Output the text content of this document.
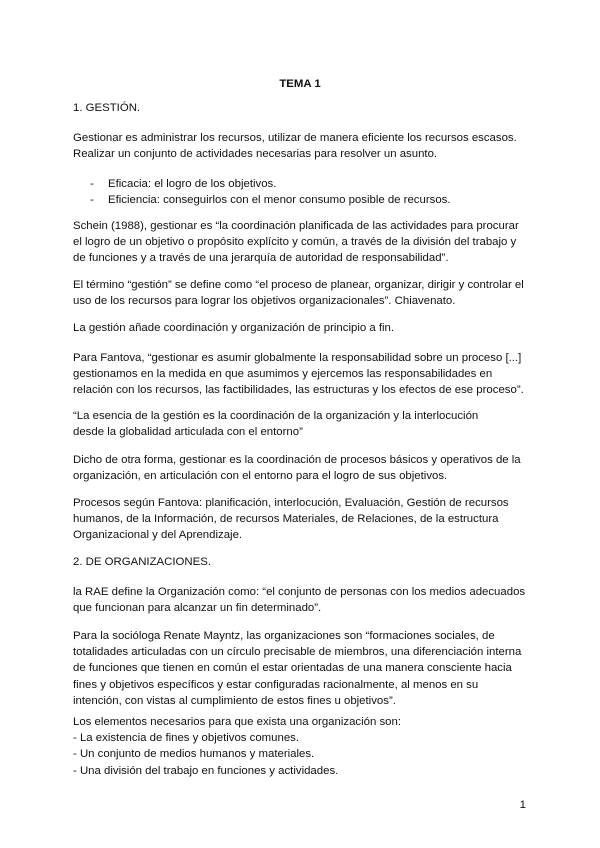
TEMA 1

1. GESTIÓN.

Gestionar es administrar los recursos, utilizar de manera eficiente los recursos escasos. Realizar un conjunto de actividades necesarias para resolver un asunto.

- Eficacia: el logro de los objetivos.
- Eficiencia: conseguirlos con el menor consumo posible de recursos.

Schein (1988), gestionar es “la coordinación planificada de las actividades para procurar el logro de un objetivo o propósito explícito y común, a través de la división del trabajo y de funciones y a través de una jerarquía de autoridad de responsabilidad”.

El término “gestión” se define como “el proceso de planear, organizar, dirigir y controlar el uso de los recursos para lograr los objetivos organizacionales”. Chiavenato.

La gestión añade coordinación y organización de principio a fin.

Para Fantova, “gestionar es asumir globalmente la responsabilidad sobre un proceso [...] gestionamos en la medida en que asumimos y ejercemos las responsabilidades en relación con los recursos, las factibilidades, las estructuras y los efectos de ese proceso”.

“La esencia de la gestión es la coordinación de la organización y la interlocución
desde la globalidad articulada con el entorno”

Dicho de otra forma, gestionar es la coordinación de procesos básicos y operativos de la organización, en articulación con el entorno para el logro de sus objetivos.

Procesos según Fantova: planificación, interlocución, Evaluación, Gestión de recursos humanos, de la Información, de recursos Materiales, de Relaciones, de la estructura Organizacional y del Aprendizaje.

2. DE ORGANIZACIONES.

la RAE define la Organización como: “el conjunto de personas con los medios adecuados que funcionan para alcanzar un fin determinado”.

Para la socióloga Renate Mayntz, las organizaciones son “formaciones sociales, de totalidades articuladas con un círculo precisable de miembros, una diferenciación interna de funciones que tienen en común el estar orientadas de una manera consciente hacia fines y objetivos específicos y estar configuradas racionalmente, al menos en su intención, con vistas al cumplimiento de estos fines u objetivos”.

Los elementos necesarios para que exista una organización son:
- La existencia de fines y objetivos comunes.
- Un conjunto de medios humanos y materiales.
- Una división del trabajo en funciones y actividades.

1
